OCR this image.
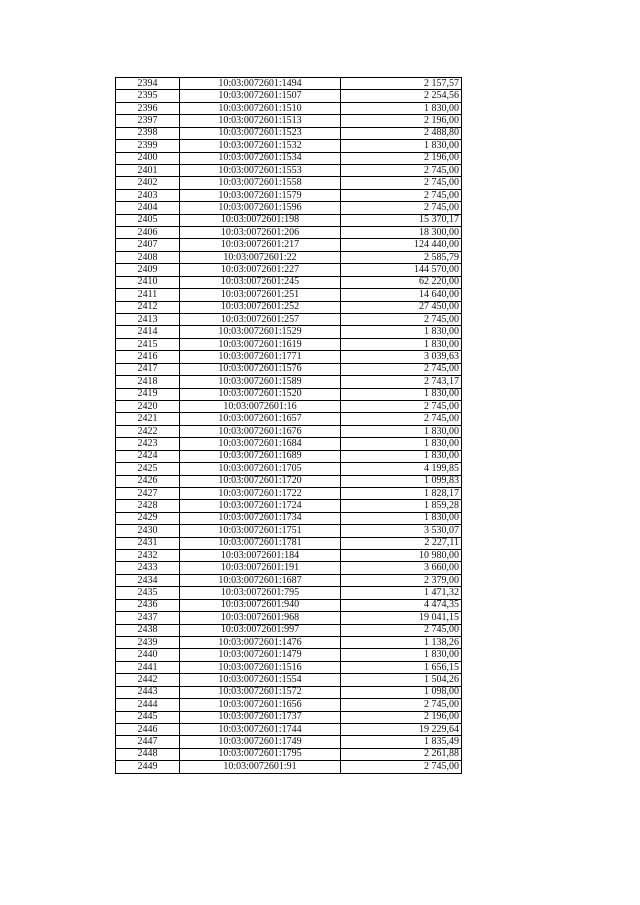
2394	10:03:0072601:1494	2 157,57
2395	10:03:0072601:1507	2 254,56
2396	10:03:0072601:1510	1 830,00
2397	10:03:0072601:1513	2 196,00
2398	10:03:0072601:1523	2 488,80
2399	10:03:0072601:1532	1 830,00
2400	10:03:0072601:1534	2 196,00
2401	10:03:0072601:1553	2 745,00
2402	10:03:0072601:1558	2 745,00
2403	10:03:0072601:1579	2 745,00
2404	10:03:0072601:1596	2 745,00
2405	10:03:0072601:198	15 370,17
2406	10:03:0072601:206	18 300,00
2407	10:03:0072601:217	124 440,00
2408	10:03:0072601:22	2 585,79
2409	10:03:0072601:227	144 570,00
2410	10:03:0072601:245	62 220,00
2411	10:03:0072601:251	14 640,00
2412	10:03:0072601:252	27 450,00
2413	10:03:0072601:257	2 745,00
2414	10:03:0072601:1529	1 830,00
2415	10:03:0072601:1619	1 830,00
2416	10:03:0072601:1771	3 039,63
2417	10:03:0072601:1576	2 745,00
2418	10:03:0072601:1589	2 743,17
2419	10:03:0072601:1520	1 830,00
2420	10:03:0072601:16	2 745,00
2421	10:03:0072601:1657	2 745,00
2422	10:03:0072601:1676	1 830,00
2423	10:03:0072601:1684	1 830,00
2424	10:03:0072601:1689	1 830,00
2425	10:03:0072601:1705	4 199,85
2426	10:03:0072601:1720	1 099,83
2427	10:03:0072601:1722	1 828,17
2428	10:03:0072601:1724	1 859,28
2429	10:03:0072601:1734	1 830,00
2430	10:03:0072601:1751	3 530,07
2431	10:03:0072601:1781	2 227,11
2432	10:03:0072601:184	10 980,00
2433	10:03:0072601:191	3 660,00
2434	10:03:0072601:1687	2 379,00
2435	10:03:0072601:795	1 471,32
2436	10:03:0072601:940	4 474,35
2437	10:03:0072601:968	19 041,15
2438	10:03:0072601:997	2 745,00
2439	10:03:0072601:1476	1 138,26
2440	10:03:0072601:1479	1 830,00
2441	10:03:0072601:1516	1 656,15
2442	10:03:0072601:1554	1 504,26
2443	10:03:0072601:1572	1 098,00
2444	10:03:0072601:1656	2 745,00
2445	10:03:0072601:1737	2 196,00
2446	10:03:0072601:1744	19 229,64
2447	10:03:0072601:1749	1 835,49
2448	10:03:0072601:1795	2 261,88
2449	10:03:0072601:91	2 745,00
